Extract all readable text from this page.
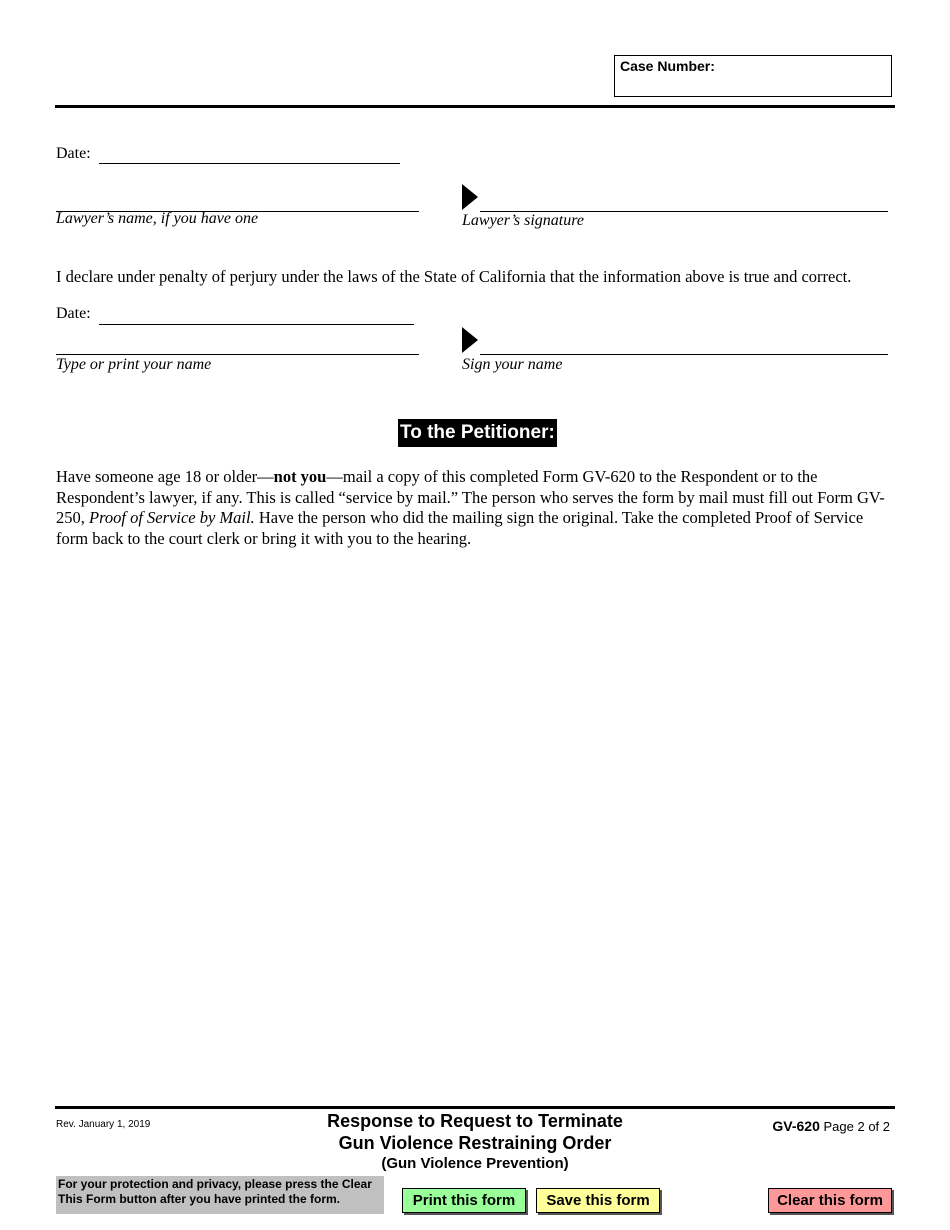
Case Number:
Date:
Lawyer’s name, if you have one	Lawyer’s signature
I declare under penalty of perjury under the laws of the State of California that the information above is true and correct.
Date:
Type or print your name	Sign your name
To the Petitioner:

Have someone age 18 or older—not you—mail a copy of this completed Form GV-620 to the Respondent or to the Respondent’s lawyer, if any. This is called “service by mail.” The person who serves the form by mail must fill out Form GV-250, Proof of Service by Mail. Have the person who did the mailing sign the original. Take the completed Proof of Service form back to the court clerk or bring it with you to the hearing.

Rev. January 1, 2019	Response to Request to Terminate
Gun Violence Restraining Order
(Gun Violence Prevention)
GV-620 Page 2 of 2
For your protection and privacy, please press the Clear This Form button after you have printed the form.	Print this form	Save this form	Clear this form
